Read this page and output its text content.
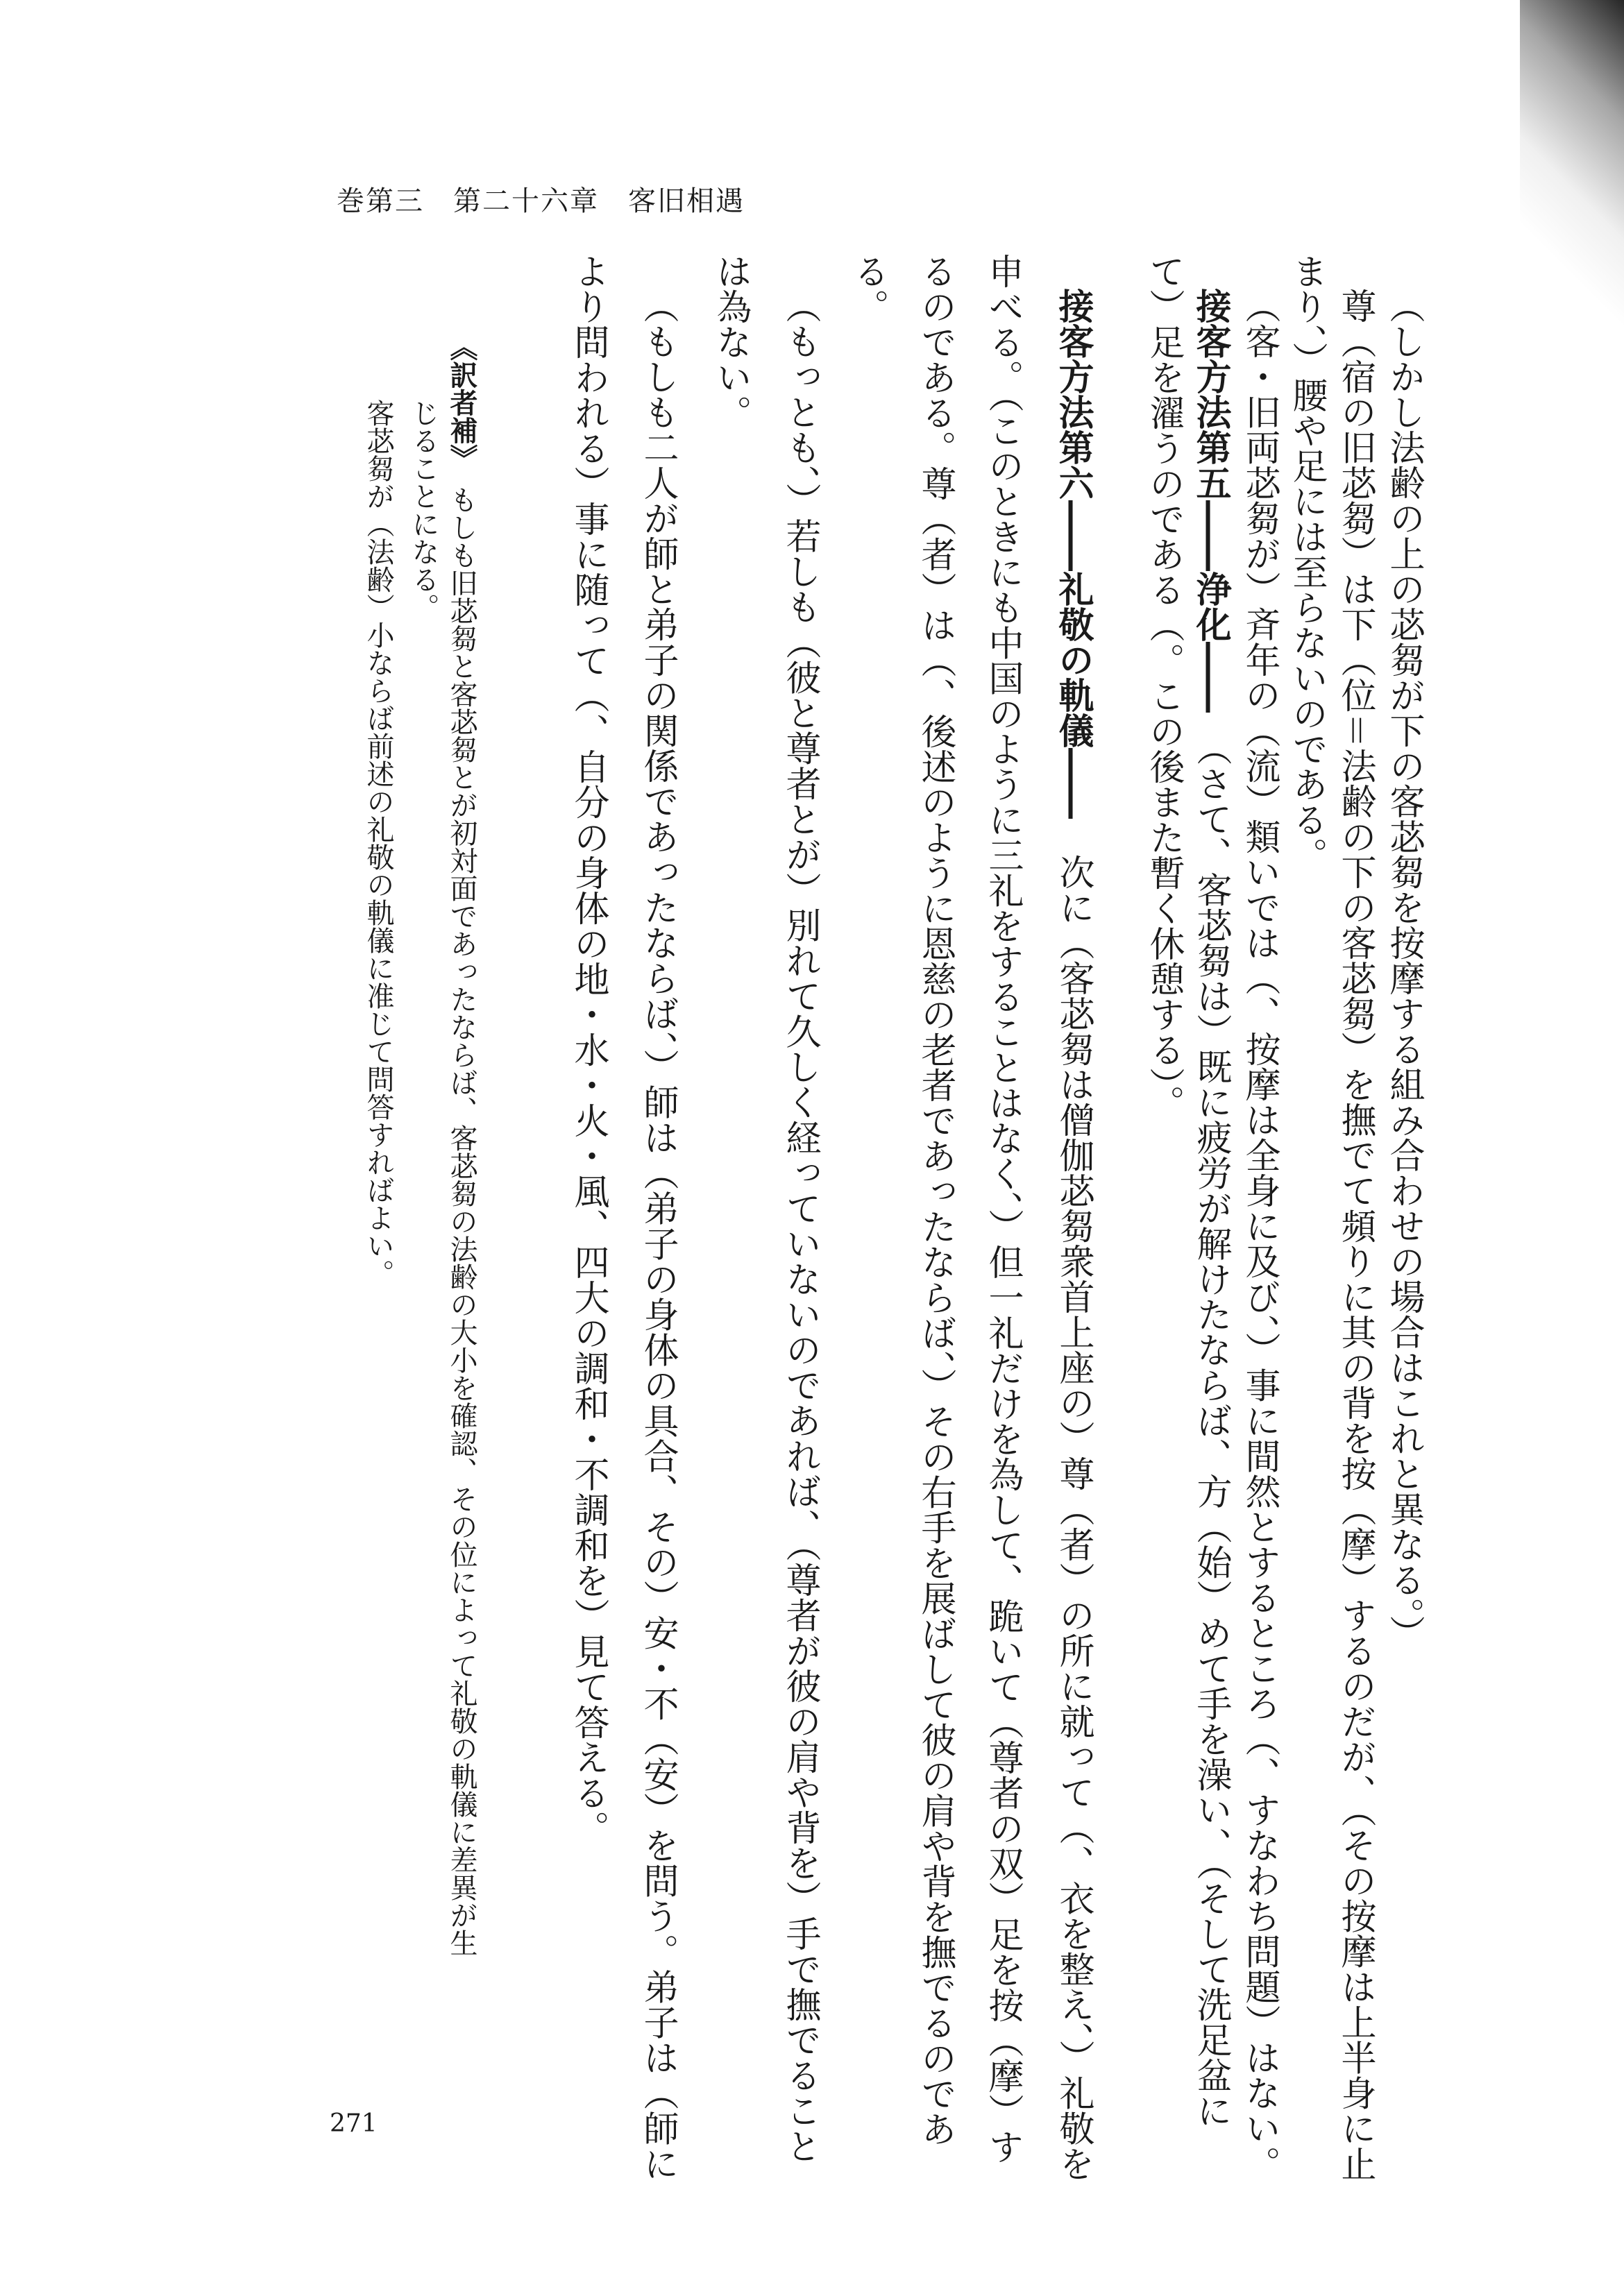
巻第三　第二十六章　客旧相遇
（しかし法齢の上の苾芻が下の客苾芻を按摩する組み合わせの場合はこれと異なる。）
尊（宿の旧苾芻）は下（位＝法齢の下の客苾芻）を撫でて頻りに其の背を按（摩）するのだが、（その按摩は上半身に止
まり、）腰や足には至らないのである。
（客・旧両苾芻が）斉年の（流）類いでは（、按摩は全身に及び、）事に間然とするところ（、すなわち問題）はない。
接客方法第五――浄化――　（さて、客苾芻は）既に疲労が解けたならば、方（始）めて手を澡い、（そして洗足盆に
て）足を濯うのである（。この後また暫く休憩する）。
接客方法第六――礼敬の軌儀――　次に（客苾芻は僧伽苾芻衆首上座の）尊（者）の所に就って（、衣を整え、）礼敬を
申べる。（このときにも中国のように三礼をすることはなく、）但一礼だけを為して、跪いて（尊者の双）足を按（摩）す
るのである。尊（者）は（、後述のように恩慈の老者であったならば、）その右手を展ばして彼の肩や背を撫でるのであ
る。
（もっとも、）若しも（彼と尊者とが）別れて久しく経っていないのであれば、（尊者が彼の肩や背を）手で撫でること
は為ない。
（もしも二人が師と弟子の関係であったならば、）師は（弟子の身体の具合、その）安・不（安）を問う。弟子は（師に
より問われる）事に随って（、自分の身体の地・水・火・風、四大の調和・不調和を）見て答える。
《訳者補》　もしも旧苾芻と客苾芻とが初対面であったならば、客苾芻の法齢の大小を確認、その位によって礼敬の軌儀に差異が生
じることになる。
客苾芻が（法齢）小ならば前述の礼敬の軌儀に准じて問答すればよい。
271
